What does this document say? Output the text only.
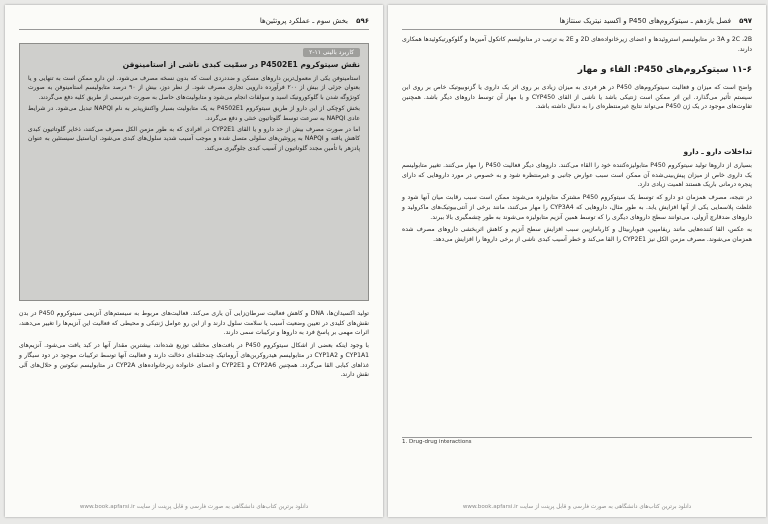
۵۹۶ بخش سوم ـ عملکرد پروتئین‌ها
کاربرد بالینی ۱۱-۲
نقش سیتوکروم P4502E1 در سمّیت کبدی ناشی از استامینوفن

استامینوفن یکی از معمول‌ترین داروهای مسکن و ضددردی است که بدون نسخه مصرف می‌شود. این دارو ممکن است به تنهایی و یا بعنوان جزئی از بیش از ۲۰۰ فرآورده دارویی تجاری مصرف شود. از نظر دوز، بیش از ۹۰ درصد متابولیسم استامینوفن به صورت کونژوگه شدن با گلوکورونیک اسید و سولفات انجام می‌شود و متابولیت‌های حاصل به صورت غیرسمی از طریق کلیه دفع می‌گردند.

بخش کوچکی از این دارو از طریق سیتوکروم P4502E1 به یک متابولیت بسیار واکنش‌پذیر به نام NAPQI تبدیل می‌شود. در شرایط عادی NAPQI به سرعت توسط گلوتاتیون خنثی و دفع می‌گردد.

اما در صورت مصرف بیش از حد دارو و یا القای CYP2E1 در افرادی که به طور مزمن الکل مصرف می‌کنند، ذخایر گلوتاتیون کبدی کاهش یافته و NAPQI به پروتئین‌های سلولی متصل شده و موجب آسیب شدید سلول‌های کبدی می‌شود. ان‌استیل سیستئین به عنوان پادزهر با تأمین مجدد گلوتاتیون از آسیب کبدی جلوگیری می‌کند.

تولید اکسیدان‌ها، DNA و کاهش فعالیت سرطان‌زایی آن یاری می‌کند. فعالیت‌های مربوط به سیستم‌های آنزیمی سیتوکروم P450 در بدن نقش‌های کلیدی در تعیین وضعیت آسیب یا سلامت سلول دارند و از این رو عوامل ژنتیکی و محیطی که فعالیت این آنزیم‌ها را تغییر می‌دهند، اثرات مهمی بر پاسخ فرد به داروها و ترکیبات سمی دارند.

با وجود اینکه بعضی از اشکال سیتوکروم P450 در بافت‌های مختلف توزیع شده‌اند، بیشترین مقدار آنها در کبد یافت می‌شود. آنزیم‌های CYP1A1 و CYP1A2 در متابولیسم هیدروکربن‌های آروماتیک چندحلقه‌ای دخالت دارند و فعالیت آنها توسط ترکیبات موجود در دود سیگار و غذاهای کبابی القا می‌گردد. همچنین CYP2A6 و CYP2E1 و اعضای خانواده زیرخانواده‌های CYP2A در متابولیسم نیکوتین و حلال‌های آلی نقش دارند.

دانلود برترین کتاب‌های دانشگاهی به صورت فارسی و قابل پرینت از سایت www.book.apfarsi.ir
۵۹۷ فصل یازدهم ـ سیتوکروم‌های P450 و اکسید نیتریک سنتازها

2C ،2B و 3A در متابولیسم استروئیدها و اعضای زیرخانواده‌های 2D و 2E به ترتیب در متابولیسم کاتکول آمین‌ها و گلوکورتیکوئیدها همکاری دارند.

۱۱-۶ سیتوکروم‌های P450: القاء و مهار

واضح است که میزان و فعالیت سیتوکروم‌های P450 در هر فردی به میزان زیادی بر روی اثر یک داروی یا گزنوبیوتیک خاص بر روی این سیستم تأثیر می‌گذارد. این اثر ممکن است ژنتیکی باشد یا ناشی از القای CYP450 و یا مهار آن توسط داروهای دیگر باشد. همچنین تفاوت‌های موجود در یک ژن P450 می‌تواند نتایج غیرمنتظره‌ای را به دنبال داشته باشد.

تداخلات دارو ـ دارو

بسیاری از داروها تولید سیتوکروم P450 متابولیزه‌کننده خود را القاء می‌کنند. داروهای دیگر فعالیت P450 را مهار می‌کنند. تغییر متابولیسم یک داروی خاص از میزان پیش‌بینی‌شده آن ممکن است سبب عوارض جانبی و غیرمنتظره شود و به خصوص در مورد داروهایی که دارای پنجره درمانی باریک هستند اهمیت زیادی دارد.

در نتیجه، مصرف همزمان دو دارو که توسط یک سیتوکروم P450 مشترک متابولیزه می‌شوند ممکن است سبب رقابت میان آنها شود و غلظت پلاسمایی یکی از آنها افزایش یابد. به طور مثال، داروهایی که CYP3A4 را مهار می‌کنند، مانند برخی از آنتی‌بیوتیک‌های ماکرولید و داروهای ضدقارچ آزولی، می‌توانند سطح داروهای دیگری را که توسط همین آنزیم متابولیزه می‌شوند به طور چشمگیری بالا ببرند.

به عکس، القا کننده‌هایی مانند ریفامپین، فنوباربیتال و کاربامازپین سبب افزایش سطح آنزیم و کاهش اثربخشی داروهای مصرف شده همزمان می‌شوند. مصرف مزمن الکل نیز CYP2E1 را القا می‌کند و خطر آسیب کبدی ناشی از برخی داروها را افزایش می‌دهد.

1. Drug-drug interactions
دانلود برترین کتاب‌های دانشگاهی به صورت فارسی و قابل پرینت از سایت www.book.apfarsi.ir
